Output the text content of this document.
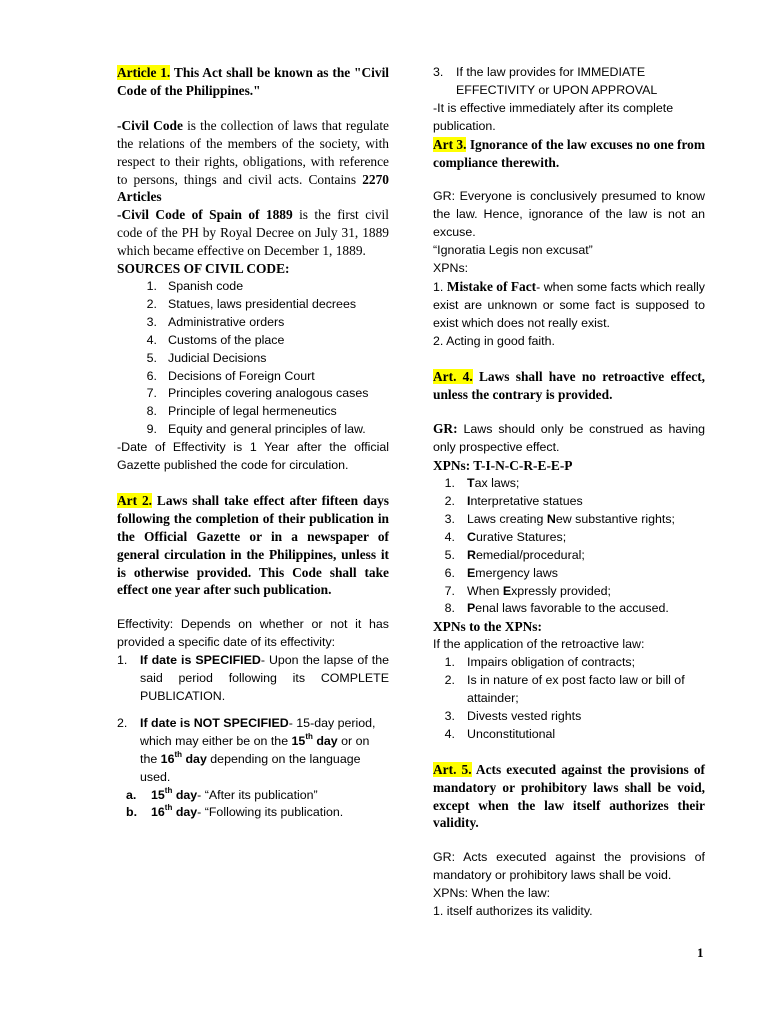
Article 1. This Act shall be known as the "Civil Code of the Philippines."

-Civil Code is the collection of laws that regulate the relations of the members of the society, with respect to their rights, obligations, with reference to persons, things and civil acts. Contains 2270 Articles

-Civil Code of Spain of 1889 is the first civil code of the PH by Royal Decree on July 31, 1889 which became effective on December 1, 1889.

SOURCES OF CIVIL CODE:

1. Spanish code
2. Statues, laws presidential decrees
3. Administrative orders
4. Customs of the place
5. Judicial Decisions
6. Decisions of Foreign Court
7. Principles covering analogous cases
8. Principle of legal hermeneutics
9. Equity and general principles of law.

-Date of Effectivity is 1 Year after the official Gazette published the code for circulation.

Art 2. Laws shall take effect after fifteen days following the completion of their publication in the Official Gazette or in a newspaper of general circulation in the Philippines, unless it is otherwise provided. This Code shall take effect one year after such publication.

Effectivity: Depends on whether or not it has provided a specific date of its effectivity:

1.	If date is SPECIFIED- Upon the lapse of the said period following its COMPLETE PUBLICATION.
2.	If date is NOT SPECIFIED- 15-day period, which may either be on the 15th day or on the 16th day depending on the language used.
a.	15th day- “After its publication”
b.	16th day- “Following its publication.
3.	If the law provides for IMMEDIATE EFFECTIVITY or UPON APPROVAL

-It is effective immediately after its complete publication.

Art 3. Ignorance of the law excuses no one from compliance therewith.

GR: Everyone is conclusively presumed to know the law. Hence, ignorance of the law is not an excuse.

“Ignoratia Legis non excusat”

XPNs:

1. Mistake of Fact- when some facts which really exist are unknown or some fact is supposed to exist which does not really exist.

2. Acting in good faith.

Art. 4. Laws shall have no retroactive effect, unless the contrary is provided.

GR: Laws should only be construed as having only prospective effect.

XPNs: T-I-N-C-R-E-E-P

1. Tax laws;
2. Interpretative statues
3. Laws creating New substantive rights;
4. Curative Statures;
5. Remedial/procedural;
6. Emergency laws
7. When Expressly provided;
8. Penal laws favorable to the accused.

XPNs to the XPNs:

If the application of the retroactive law:

1. Impairs obligation of contracts;
2. Is in nature of ex post facto law or bill of attainder;
3. Divests vested rights
4. Unconstitutional

Art. 5. Acts executed against the provisions of mandatory or prohibitory laws shall be void, except when the law itself authorizes their validity.

GR: Acts executed against the provisions of mandatory or prohibitory laws shall be void.

XPNs: When the law:

1. itself authorizes its validity.

1
